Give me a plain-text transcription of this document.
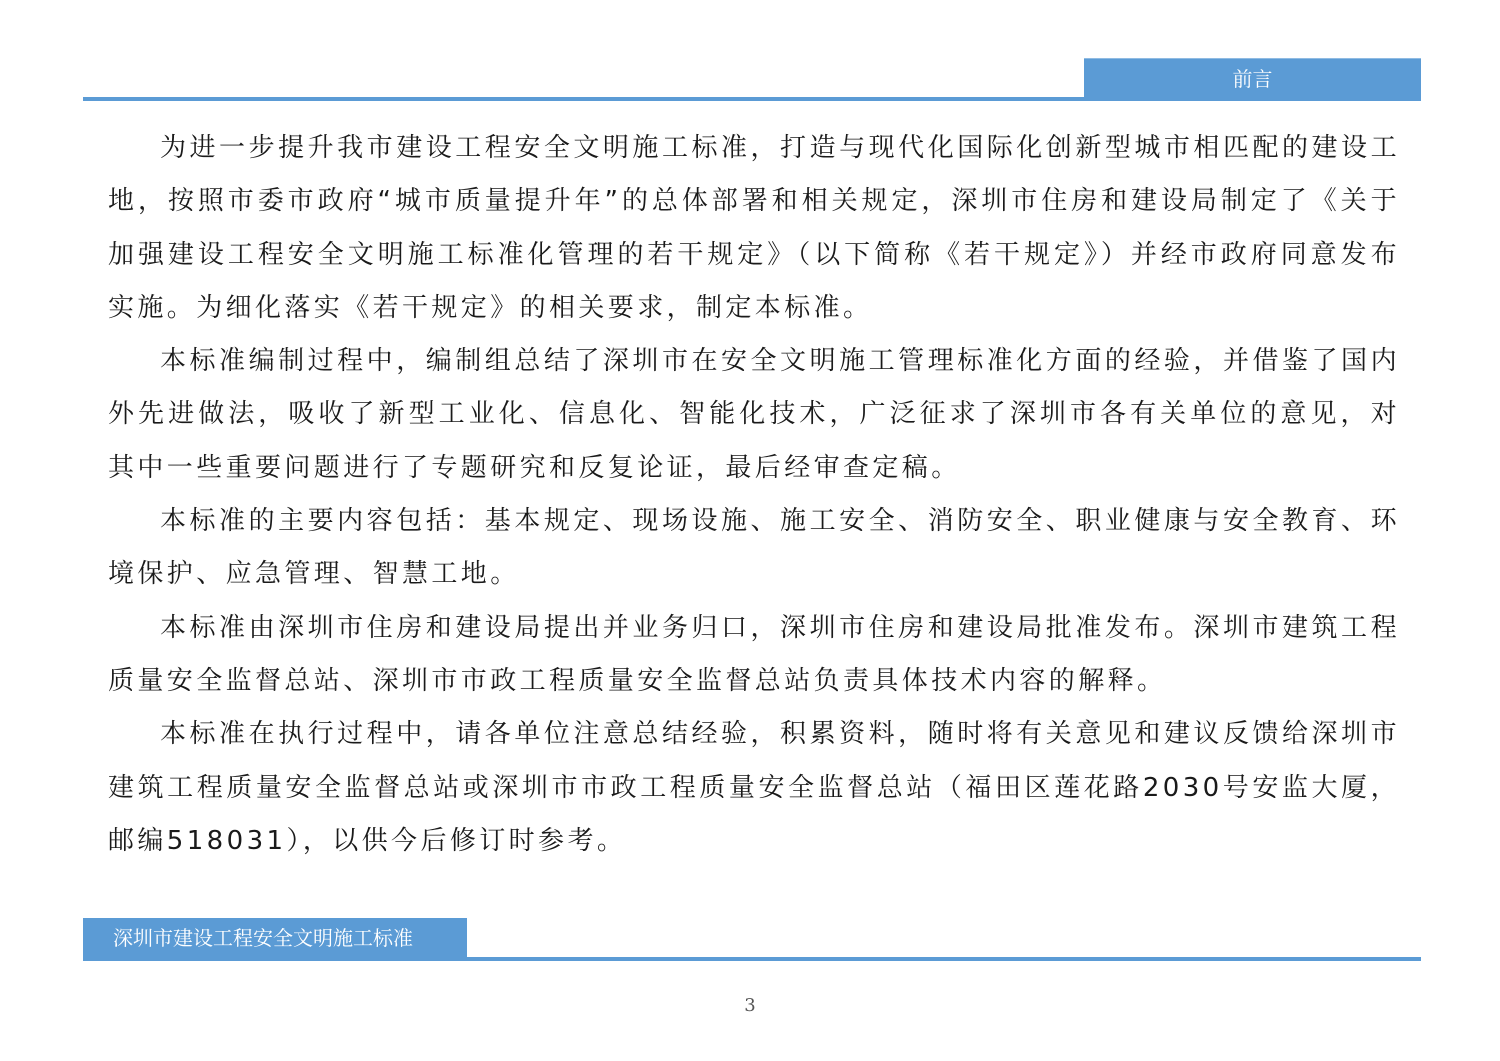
前言

为进一步提升我市建设工程安全文明施工标准，打造与现代化国际化创新型城市相匹配的建设工地，按照市委市政府“城市质量提升年”的总体部署和相关规定，深圳市住房和建设局制定了《关于加强建设工程安全文明施工标准化管理的若干规定》（以下简称《若干规定》）并经市政府同意发布实施。为细化落实《若干规定》的相关要求，制定本标准。

本标准编制过程中，编制组总结了深圳市在安全文明施工管理标准化方面的经验，并借鉴了国内外先进做法，吸收了新型工业化、信息化、智能化技术，广泛征求了深圳市各有关单位的意见，对其中一些重要问题进行了专题研究和反复论证，最后经审查定稿。

本标准的主要内容包括：基本规定、现场设施、施工安全、消防安全、职业健康与安全教育、环境保护、应急管理、智慧工地。

本标准由深圳市住房和建设局提出并业务归口，深圳市住房和建设局批准发布。深圳市建筑工程质量安全监督总站、深圳市市政工程质量安全监督总站负责具体技术内容的解释。

本标准在执行过程中，请各单位注意总结经验，积累资料，随时将有关意见和建议反馈给深圳市建筑工程质量安全监督总站或深圳市市政工程质量安全监督总站（福田区莲花路2030号安监大厦，邮编518031），以供今后修订时参考。

深圳市建设工程安全文明施工标准
3
